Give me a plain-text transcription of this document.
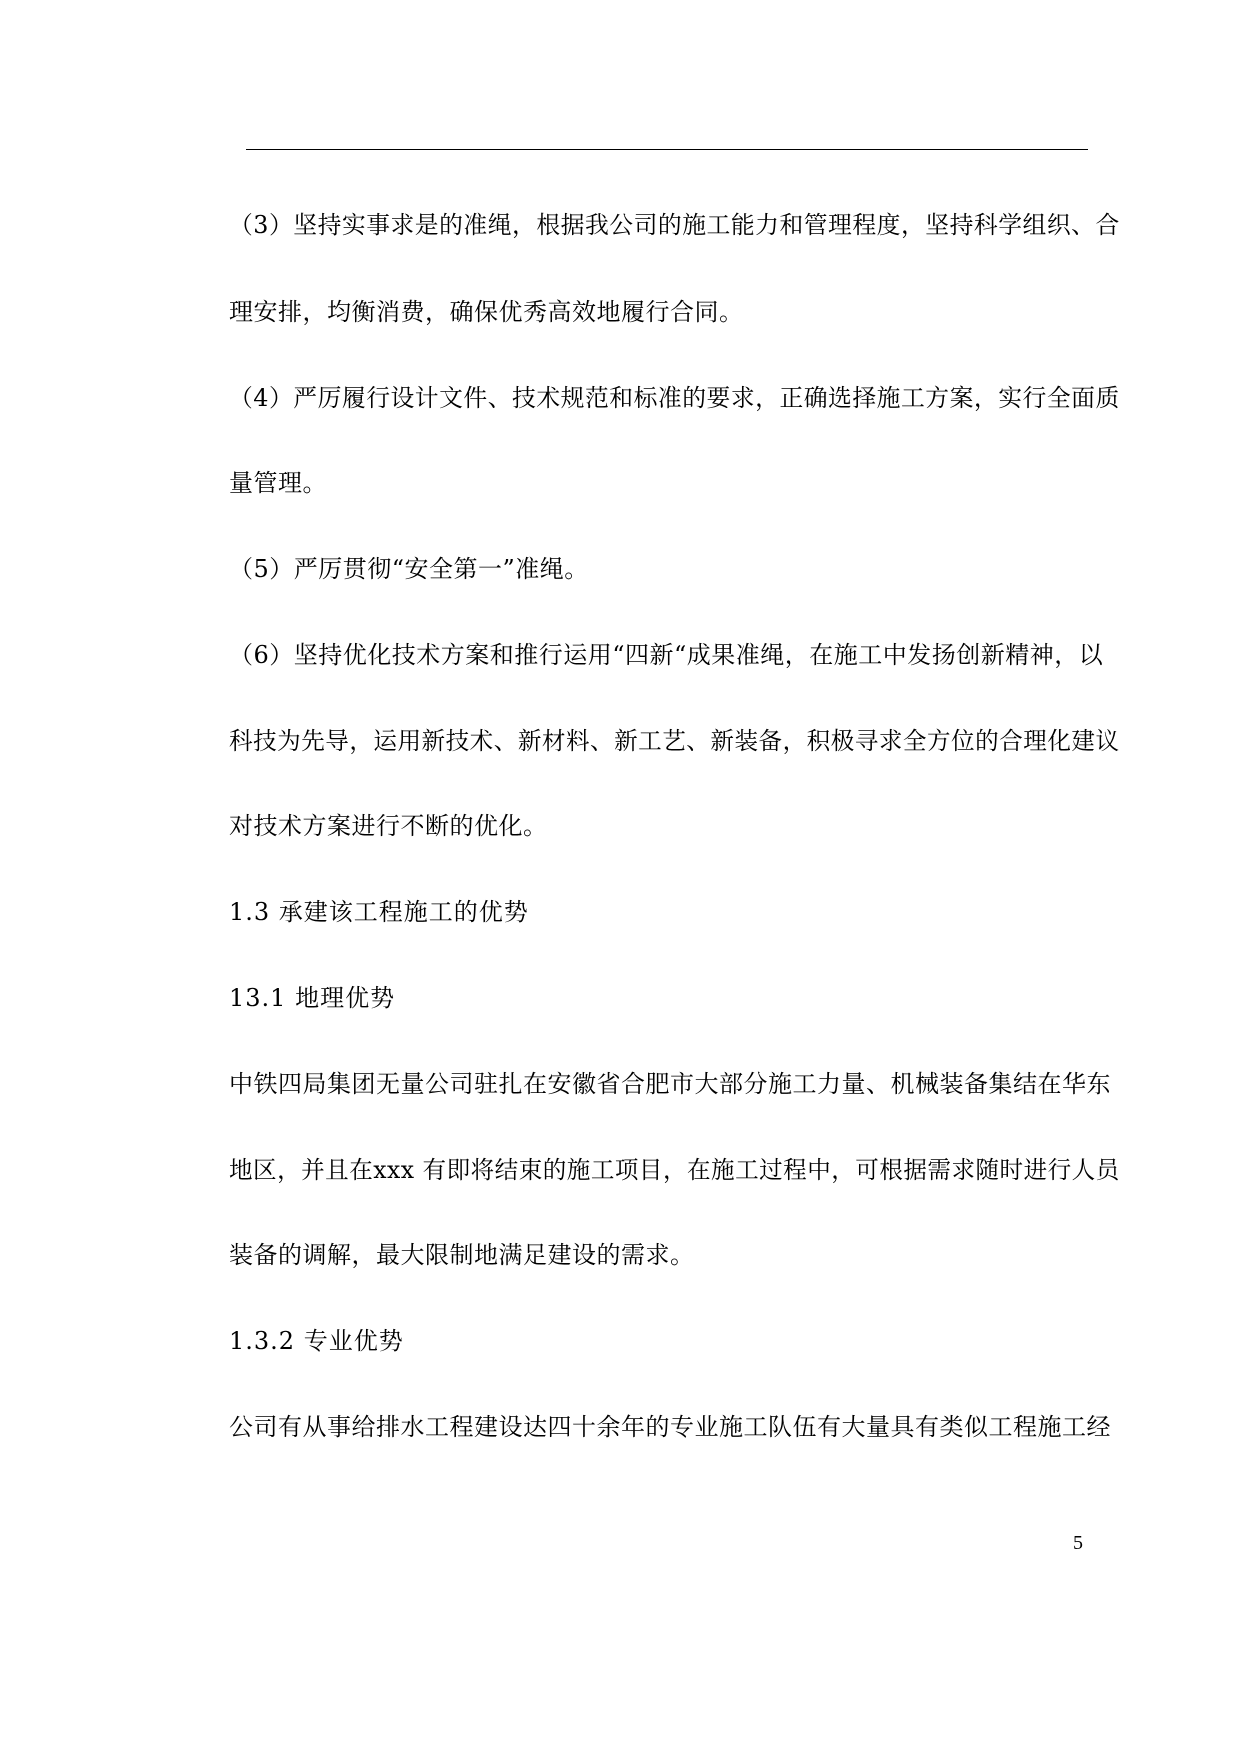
（3）坚持实事求是的准绳，根据我公司的施工能力和管理程度，坚持科学组织、合
理安排，均衡消费，确保优秀高效地履行合同。
（4）严厉履行设计文件、技术规范和标准的要求，正确选择施工方案，实行全面质
量管理。
（5）严厉贯彻“安全第一”准绳。
（6）坚持优化技术方案和推行运用“四新“成果准绳，在施工中发扬创新精神，以
科技为先导，运用新技术、新材料、新工艺、新装备，积极寻求全方位的合理化建议
对技术方案进行不断的优化。
1.3 承建该工程施工的优势
13.1 地理优势
中铁四局集团无量公司驻扎在安徽省合肥市大部分施工力量、机械装备集结在华东
地区，并且在xxx 有即将结束的施工项目，在施工过程中，可根据需求随时进行人员
装备的调解，最大限制地满足建设的需求。
1.3.2 专业优势
公司有从事给排水工程建设达四十余年的专业施工队伍有大量具有类似工程施工经
5
